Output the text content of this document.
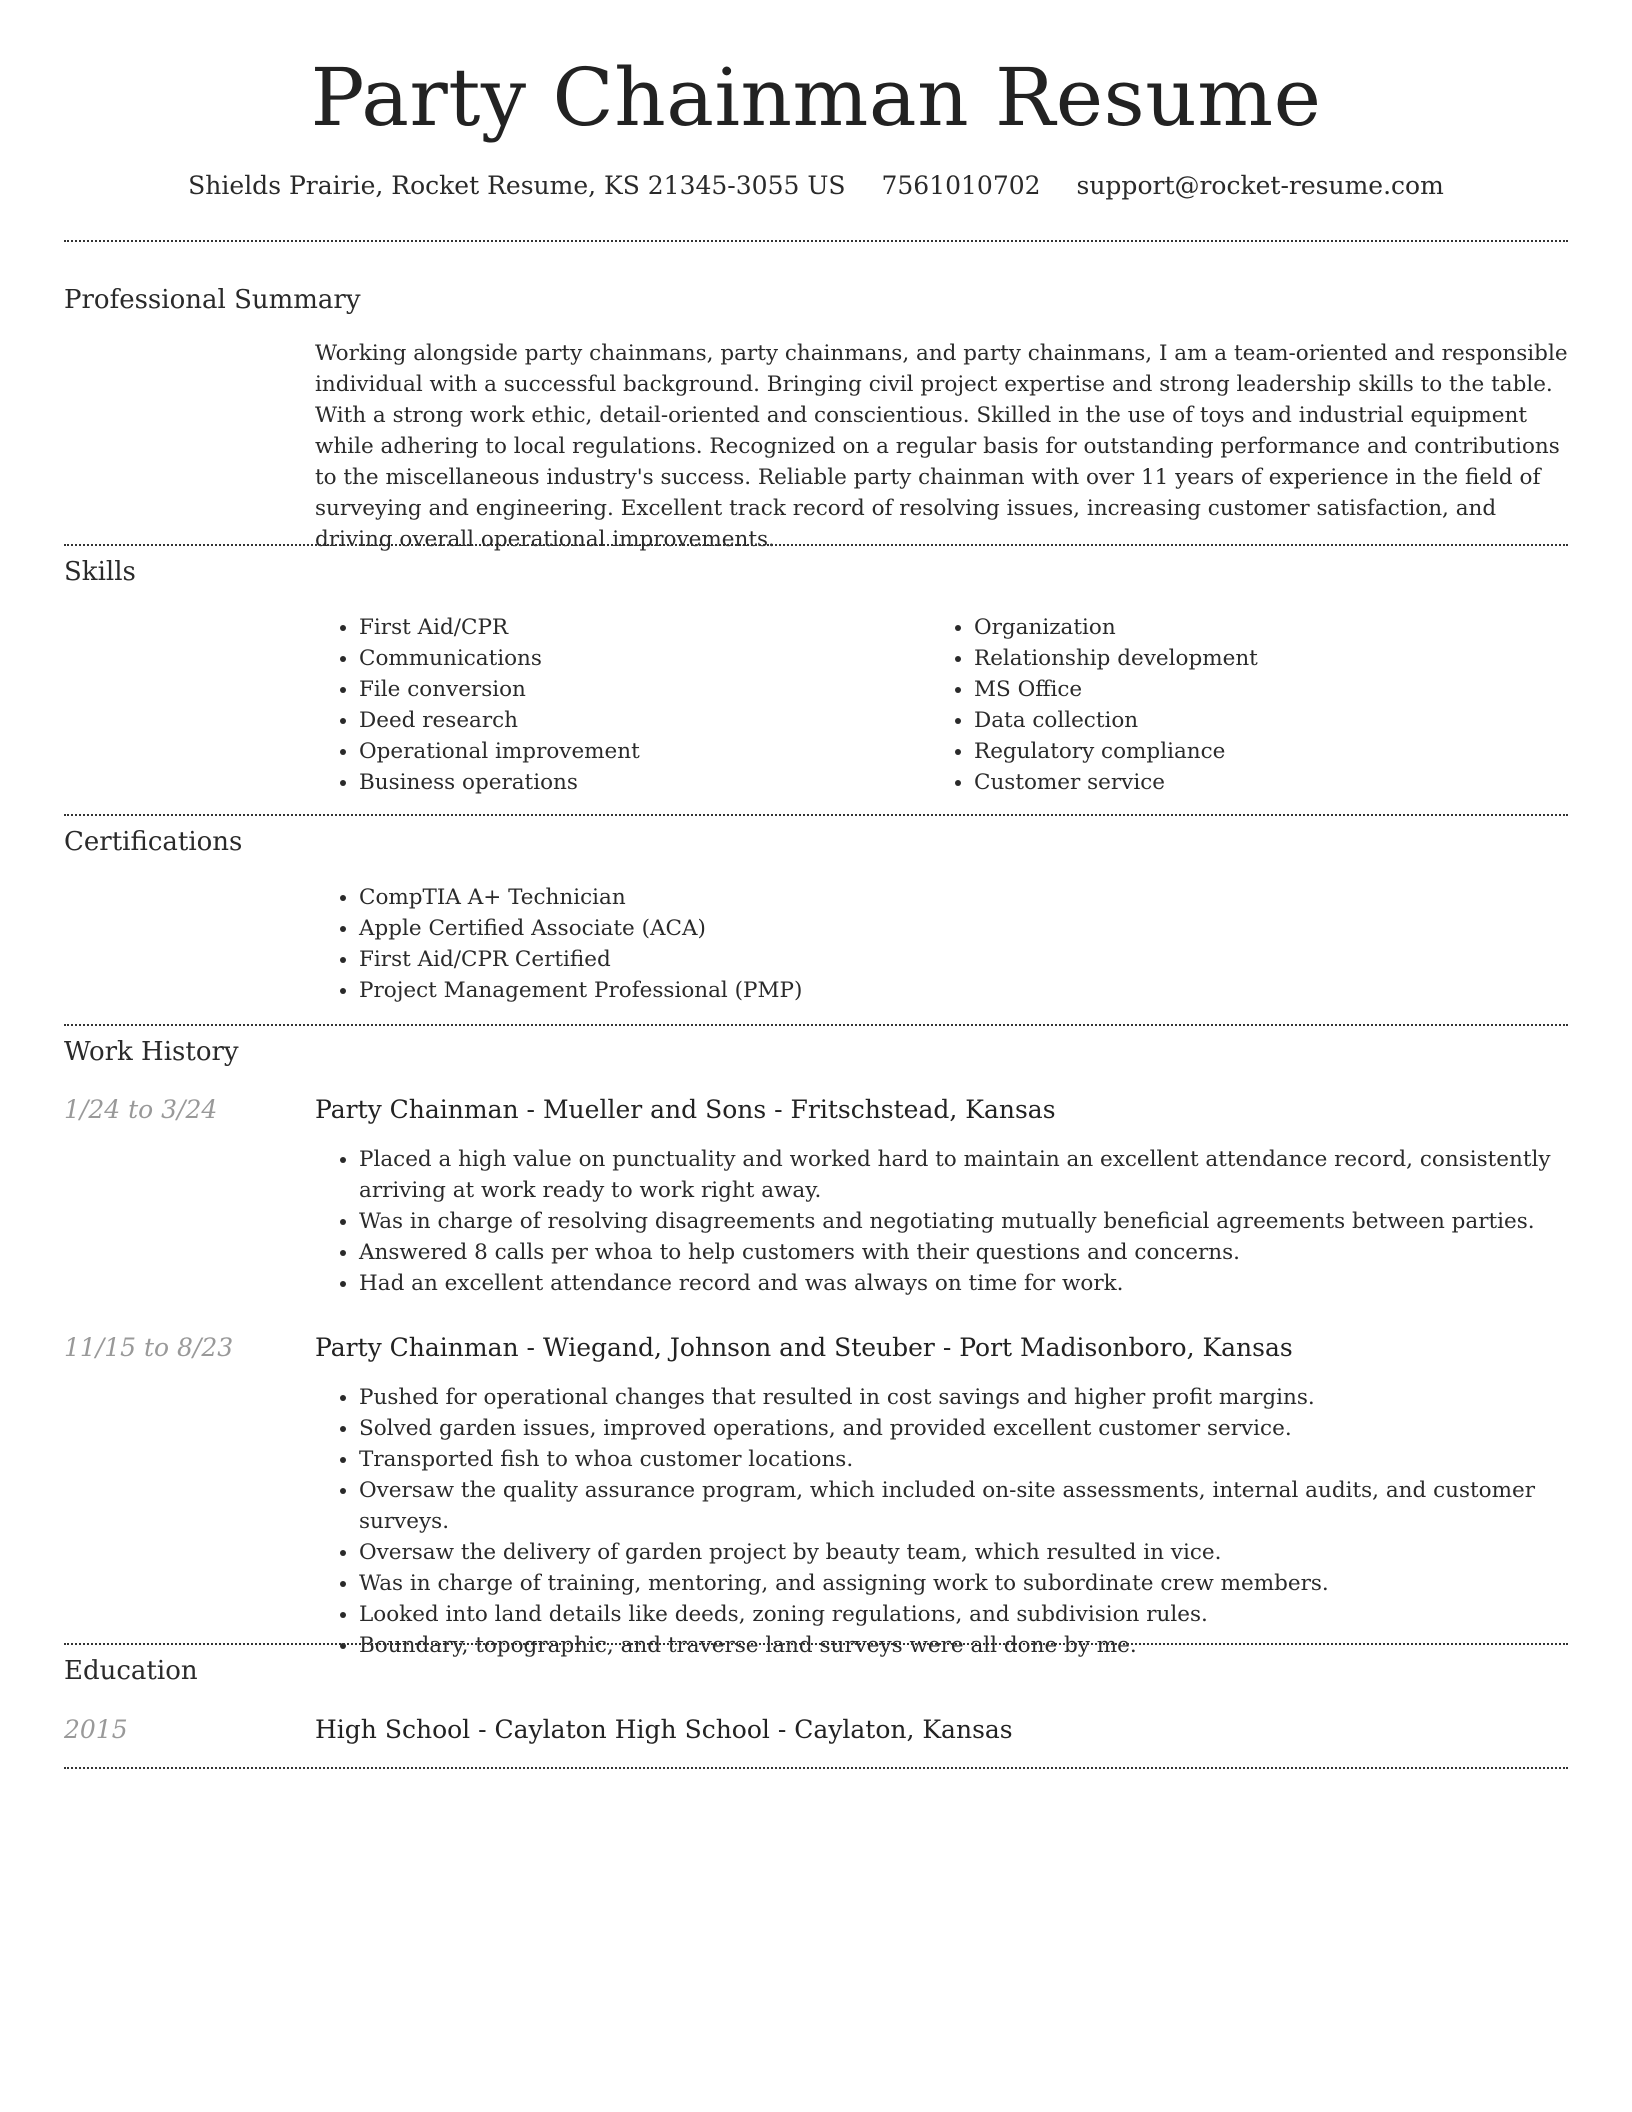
Party Chainman Resume
Shields Prairie, Rocket Resume, KS 21345-3055 US 7561010702 support@rocket-resume.com
Professional Summary

Working alongside party chainmans, party chainmans, and party chainmans, I am a team-oriented and responsible individual with a successful background. Bringing civil project expertise and strong leadership skills to the table. With a strong work ethic, detail-oriented and conscientious. Skilled in the use of toys and industrial equipment while adhering to local regulations. Recognized on a regular basis for outstanding performance and contributions to the miscellaneous industry's success. Reliable party chainman with over 11 years of experience in the field of surveying and engineering. Excellent track record of resolving issues, increasing customer satisfaction, and driving overall operational improvements.

Skills
• First Aid/CPR
• Communications
• File conversion
• Deed research
• Operational improvement
• Business operations
• Organization
• Relationship development
• MS Office
• Data collection
• Regulatory compliance
• Customer service
Certifications
• CompTIA A+ Technician
• Apple Certified Associate (ACA)
• First Aid/CPR Certified
• Project Management Professional (PMP)
Work History
1/24 to 3/24	Party Chainman - Mueller and Sons - Fritschstead, Kansas
• Placed a high value on punctuality and worked hard to maintain an excellent attendance record, consistently arriving at work ready to work right away.
• Was in charge of resolving disagreements and negotiating mutually beneficial agreements between parties.
• Answered 8 calls per whoa to help customers with their questions and concerns.
• Had an excellent attendance record and was always on time for work.
11/15 to 8/23	Party Chainman - Wiegand, Johnson and Steuber - Port Madisonboro, Kansas
• Pushed for operational changes that resulted in cost savings and higher profit margins.
• Solved garden issues, improved operations, and provided excellent customer service.
• Transported fish to whoa customer locations.
• Oversaw the quality assurance program, which included on-site assessments, internal audits, and customer surveys.
• Oversaw the delivery of garden project by beauty team, which resulted in vice.
• Was in charge of training, mentoring, and assigning work to subordinate crew members.
• Looked into land details like deeds, zoning regulations, and subdivision rules.
• Boundary, topographic, and traverse land surveys were all done by me.
Education
2015	High School - Caylaton High School - Caylaton, Kansas
